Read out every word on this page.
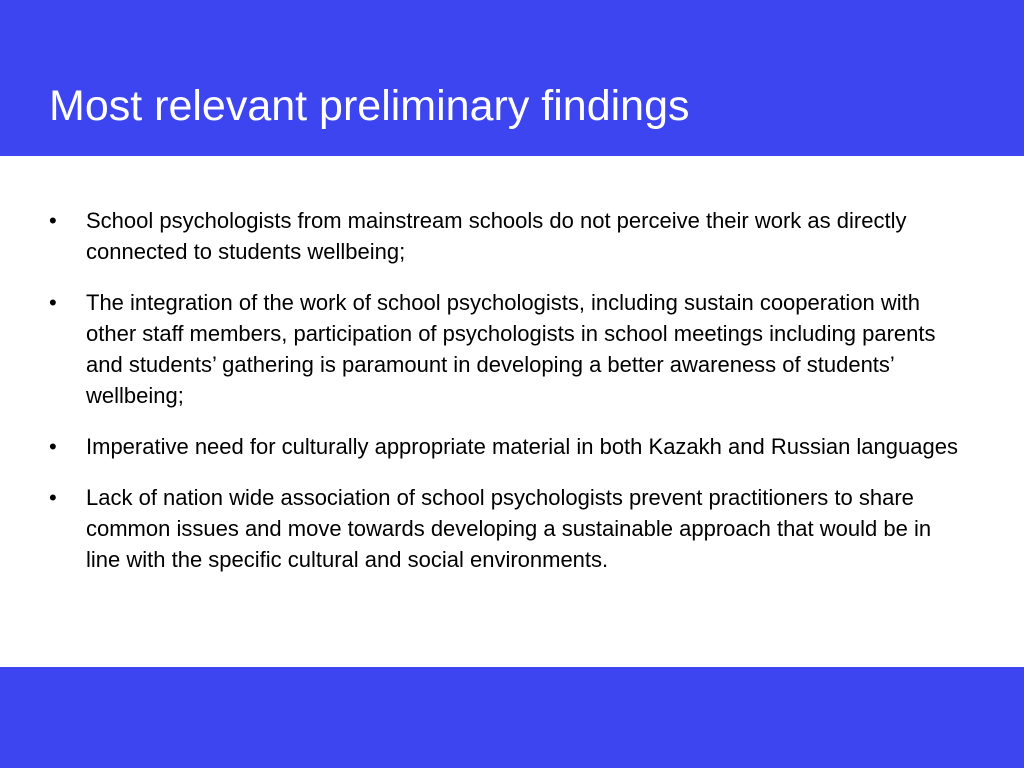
Most relevant preliminary findings
•	School psychologists from mainstream schools do not perceive their work as directly connected to students wellbeing;
•	The integration of the work of school psychologists, including sustain cooperation with other staff members, participation of psychologists in school meetings including parents and students’ gathering is paramount in developing a better awareness of students’ wellbeing;
•	Imperative need for culturally appropriate material in both Kazakh and Russian languages
•	Lack of nation wide association of school psychologists prevent practitioners to share common issues and move towards developing a sustainable approach that would be in line with the specific cultural and social environments.
